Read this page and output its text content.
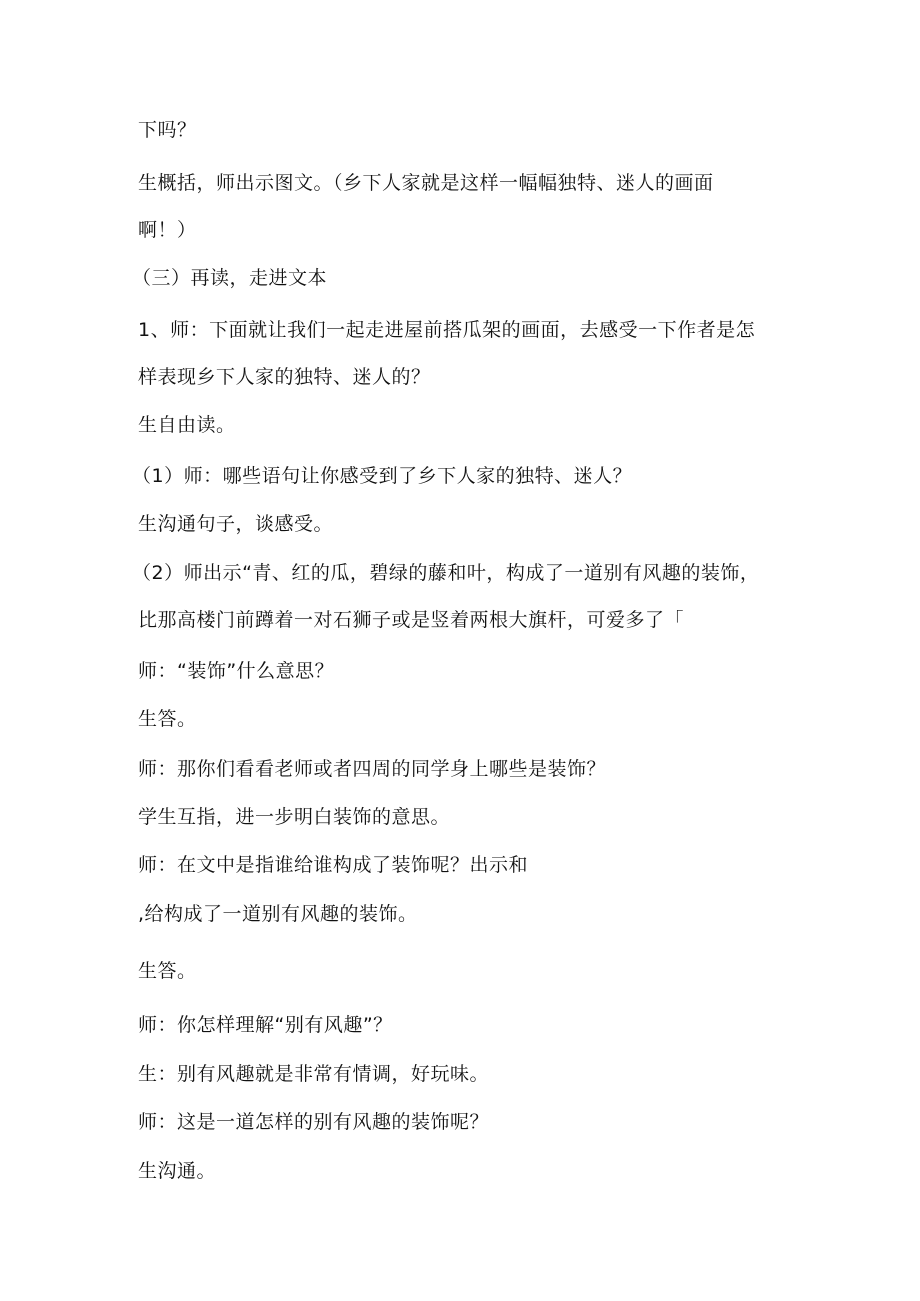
下吗？
生概括，师出示图文。（乡下人家就是这样一幅幅独特、迷人的画面
啊！）
（三）再读，走进文本
1、师：下面就让我们一起走进屋前搭瓜架的画面，去感受一下作者是怎
样表现乡下人家的独特、迷人的？
生自由读。
（1）师：哪些语句让你感受到了乡下人家的独特、迷人？
生沟通句子，谈感受。
（2）师出示“青、红的瓜，碧绿的藤和叶，构成了一道别有风趣的装饰，
比那高楼门前蹲着一对石狮子或是竖着两根大旗杆，可爱多了「
师：“装饰”什么意思？
生答。
师：那你们看看老师或者四周的同学身上哪些是装饰？
学生互指，进一步明白装饰的意思。
师：在文中是指谁给谁构成了装饰呢？出示和
,给构成了一道别有风趣的装饰。
生答。
师：你怎样理解“别有风趣”？
生：别有风趣就是非常有情调，好玩味。
师：这是一道怎样的别有风趣的装饰呢？
生沟通。
